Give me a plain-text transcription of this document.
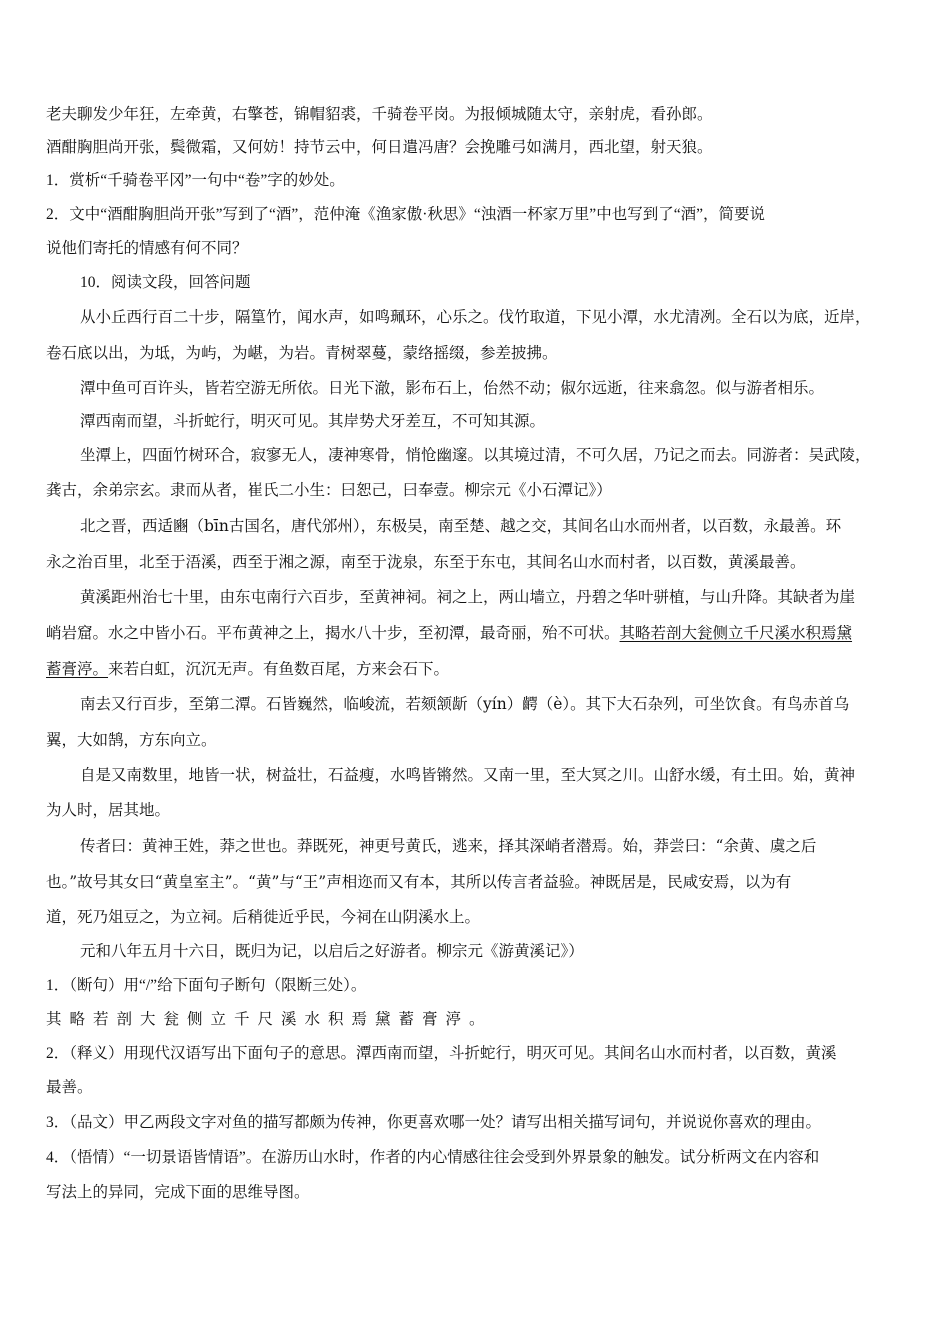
老夫聊发少年狂，左牵黄，右擎苍，锦帽貂裘，千骑卷平岗。为报倾城随太守，亲射虎，看孙郎。
酒酣胸胆尚开张，鬓微霜，又何妨！持节云中，何日遣冯唐？会挽雕弓如满月，西北望，射天狼。
1．赏析“千骑卷平冈”一句中“卷”字的妙处。
2．文中“酒酣胸胆尚开张”写到了“酒”，范仲淹《渔家傲·秋思》“浊酒一杯家万里”中也写到了“酒”，简要说
说他们寄托的情感有何不同？
10．阅读文段，回答问题
从小丘西行百二十步，隔篁竹，闻水声，如鸣珮环，心乐之。伐竹取道，下见小潭，水尤清冽。全石以为底，近岸，
卷石底以出，为坻，为屿，为嵁，为岩。青树翠蔓，蒙络摇缀，参差披拂。
潭中鱼可百许头，皆若空游无所依。日光下澈，影布石上，佁然不动；俶尔远逝，往来翕忽。似与游者相乐。
潭西南而望，斗折蛇行，明灭可见。其岸势犬牙差互，不可知其源。
坐潭上，四面竹树环合，寂寥无人，凄神寒骨，悄怆幽邃。以其境过清，不可久居，乃记之而去。同游者：吴武陵，
龚古，余弟宗玄。隶而从者，崔氏二小生：曰恕己，曰奉壹。柳宗元《小石潭记》）
北之晋，西适豳（bīn古国名，唐代邠州），东极吴，南至楚、越之交，其间名山水而州者，以百数，永最善。环
永之治百里，北至于浯溪，西至于湘之源，南至于泷泉，东至于东屯，其间名山水而村者，以百数，黄溪最善。
黄溪距州治七十里，由东屯南行六百步，至黄神祠。祠之上，两山墙立，丹碧之华叶骈植，与山升降。其缺者为崖
峭岩窟。水之中皆小石。平布黄神之上，揭水八十步，至初潭，最奇丽，殆不可状。其略若剖大瓮侧立千尺溪水积焉黛
蓄膏渟。来若白虹，沉沉无声。有鱼数百尾，方来会石下。
南去又行百步，至第二潭。石皆巍然，临峻流，若颏颔龂（yín）齶（è）。其下大石杂列，可坐饮食。有鸟赤首乌
翼，大如鹄，方东向立。
自是又南数里，地皆一状，树益壮，石益瘦，水鸣皆锵然。又南一里，至大冥之川。山舒水缓，有土田。始，黄神
为人时，居其地。
传者曰：黄神王姓，莽之世也。莽既死，神更号黄氏，逃来，择其深峭者潜焉。始，莽尝曰：“余黄、虞之后
也。”故号其女曰“黄皇室主”。“黄”与“王”声相迩而又有本，其所以传言者益验。神既居是，民咸安焉，以为有
道，死乃俎豆之，为立祠。后稍徙近乎民，今祠在山阴溪水上。
元和八年五月十六日，既归为记，以启后之好游者。柳宗元《游黄溪记》）
1．（断句）用“/”给下面句子断句（限断三处）。
其略若剖大瓮侧立千尺溪水积焉黛蓄膏渟。
2．（释义）用现代汉语写出下面句子的意思。潭西南而望，斗折蛇行，明灭可见。其间名山水而村者，以百数，黄溪
最善。
3．（品文）甲乙两段文字对鱼的描写都颇为传神，你更喜欢哪一处？请写出相关描写词句，并说说你喜欢的理由。
4．（悟情）“一切景语皆情语”。在游历山水时，作者的内心情感往往会受到外界景象的触发。试分析两文在内容和
写法上的异同，完成下面的思维导图。
